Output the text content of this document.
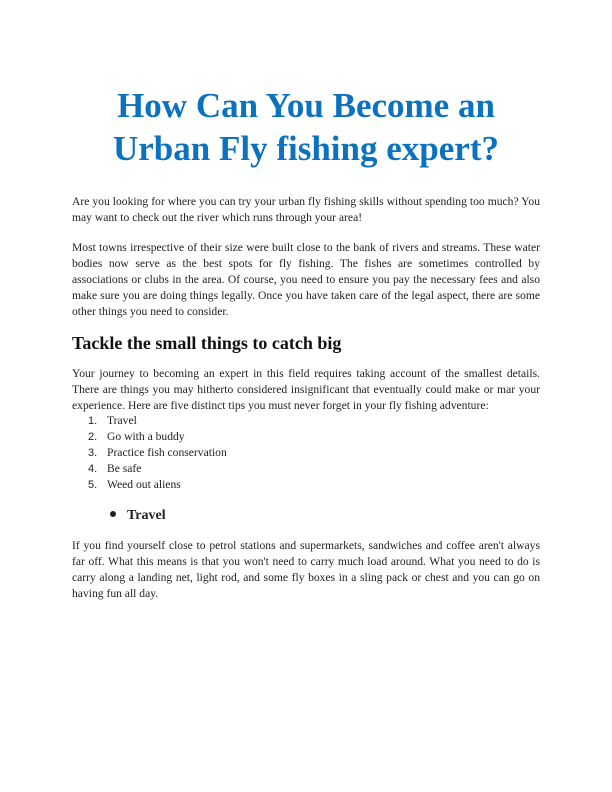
How Can You Become an
Urban Fly fishing expert?

Are you looking for where you can try your urban fly fishing skills without spending too much? You may want to check out the river which runs through your area!

Most towns irrespective of their size were built close to the bank of rivers and streams. These water bodies now serve as the best spots for fly fishing. The fishes are sometimes controlled by associations or clubs in the area. Of course, you need to ensure you pay the necessary fees and also make sure you are doing things legally. Once you have taken care of the legal aspect, there are some other things you need to consider.

Tackle the small things to catch big

Your journey to becoming an expert in this field requires taking account of the smallest details. There are things you may hitherto considered insignificant that eventually could make or mar your experience. Here are five distinct tips you must never forget in your fly fishing adventure:

1. Travel
2. Go with a buddy
3. Practice fish conservation
4. Be safe
5. Weed out aliens
Travel

If you find yourself close to petrol stations and supermarkets, sandwiches and coffee aren't always far off. What this means is that you won't need to carry much load around. What you need to do is carry along a landing net, light rod, and some fly boxes in a sling pack or chest and you can go on having fun all day.
